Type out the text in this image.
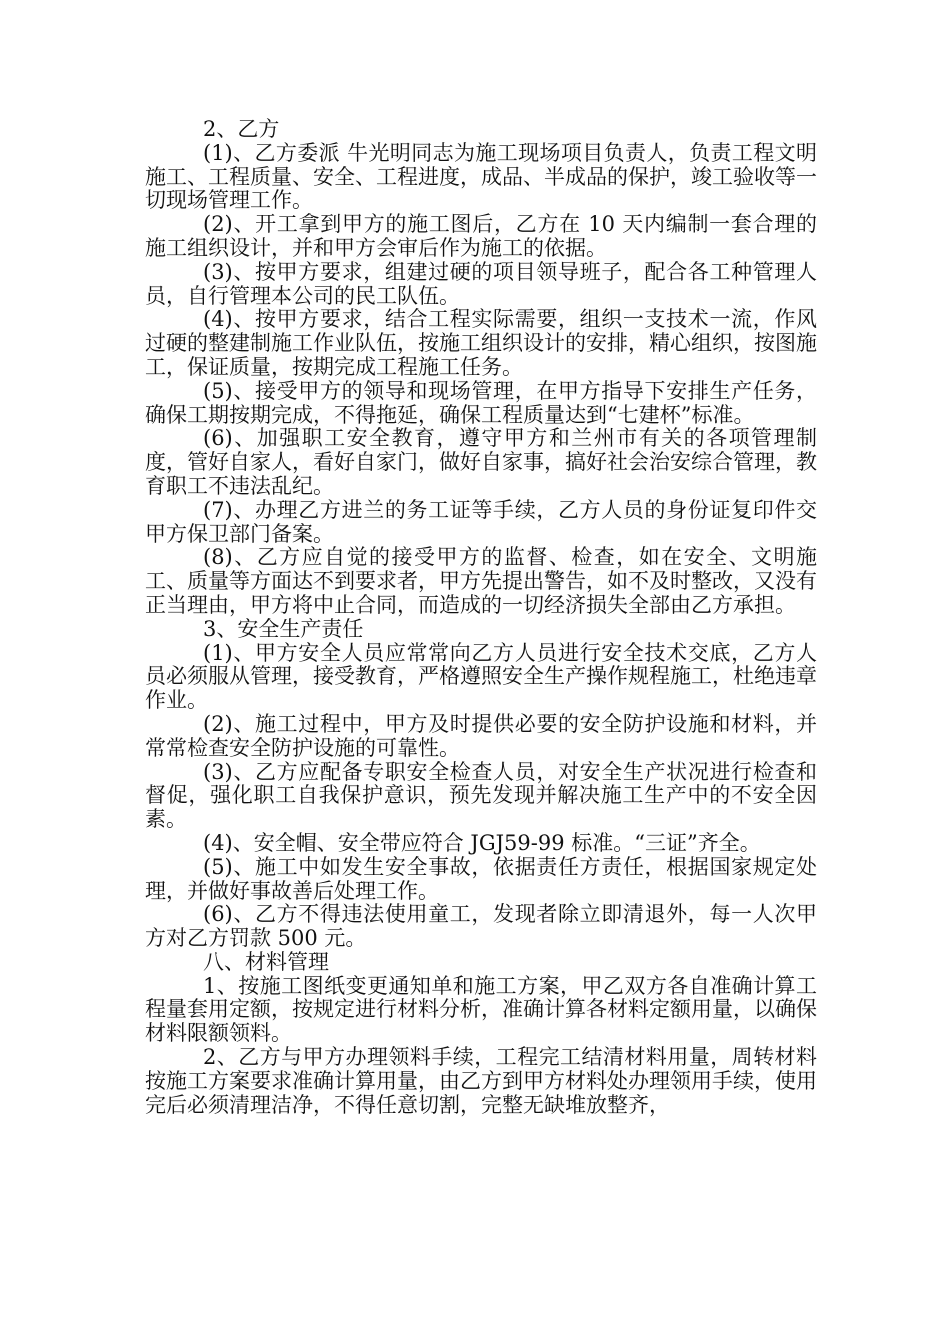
2、乙方

(1)、乙方委派 牛光明同志为施工现场项目负责人，负责工程文明施工、工程质量、安全、工程进度，成品、半成品的保护，竣工验收等一切现场管理工作。

(2)、开工拿到甲方的施工图后，乙方在 10 天内编制一套合理的施工组织设计，并和甲方会审后作为施工的依据。

(3)、按甲方要求，组建过硬的项目领导班子，配合各工种管理人员，自行管理本公司的民工队伍。

(4)、按甲方要求，结合工程实际需要，组织一支技术一流，作风过硬的整建制施工作业队伍，按施工组织设计的安排，精心组织，按图施工，保证质量，按期完成工程施工任务。

(5)、接受甲方的领导和现场管理，在甲方指导下安排生产任务，确保工期按期完成，不得拖延，确保工程质量达到“七建杯”标准。

(6)、加强职工安全教育，遵守甲方和兰州市有关的各项管理制度，管好自家人，看好自家门，做好自家事，搞好社会治安综合管理，教育职工不违法乱纪。

(7)、办理乙方进兰的务工证等手续，乙方人员的身份证复印件交甲方保卫部门备案。

(8)、乙方应自觉的接受甲方的监督、检查，如在安全、文明施工、质量等方面达不到要求者，甲方先提出警告，如不及时整改，又没有正当理由，甲方将中止合同，而造成的一切经济损失全部由乙方承担。

3、安全生产责任

(1)、甲方安全人员应常常向乙方人员进行安全技术交底，乙方人员必须服从管理，接受教育，严格遵照安全生产操作规程施工，杜绝违章作业。

(2)、施工过程中，甲方及时提供必要的安全防护设施和材料，并常常检查安全防护设施的可靠性。

(3)、乙方应配备专职安全检查人员，对安全生产状况进行检查和督促，强化职工自我保护意识，预先发现并解决施工生产中的不安全因素。

(4)、安全帽、安全带应符合 JGJ59-99 标准。“三证”齐全。

(5)、施工中如发生安全事故，依据责任方责任，根据国家规定处理，并做好事故善后处理工作。

(6)、乙方不得违法使用童工，发现者除立即清退外，每一人次甲方对乙方罚款 500 元。

八、材料管理

1、按施工图纸变更通知单和施工方案，甲乙双方各自准确计算工程量套用定额，按规定进行材料分析，准确计算各材料定额用量，以确保材料限额领料。

2、乙方与甲方办理领料手续，工程完工结清材料用量，周转材料按施工方案要求准确计算用量，由乙方到甲方材料处办理领用手续，使用完后必须清理洁净，不得任意切割，完整无缺堆放整齐，
